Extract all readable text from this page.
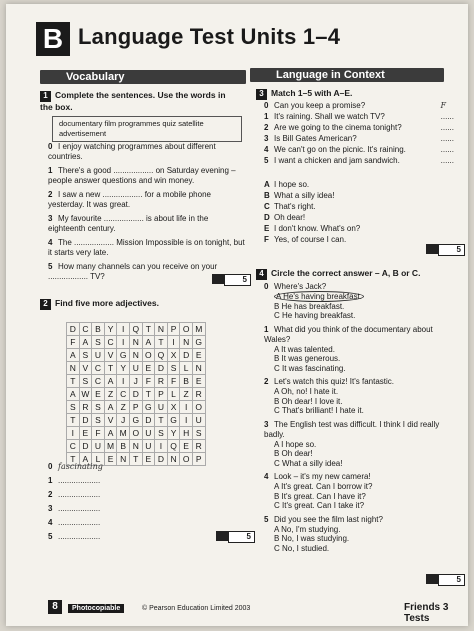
B Language Test Units 1–4
Vocabulary
1 Complete the sentences. Use the words in the box.
documentary film programmes quiz satellite advertisement
0 I enjoy watching programmes about different countries.
1 There's a good .................. on Saturday evening – people answer questions and win money.
2 I saw a new .................. for a mobile phone yesterday. It was great.
3 My favourite .................. is about life in the eighteenth century.
4 The .................. Mission Impossible is on tonight, but it starts very late.
5 How many channels can you receive on your .................. TV?	5
2 Find five more adjectives.
D	C	B	Y	I	Q	T	N	P	O	M
F	A	S	C	I	N	A	T	I	N	G
A	S	U	V	G	N	O	Q	X	D	E
N	V	C	T	Y	U	E	D	S	L	N
T	S	C	A	I	J	F	R	F	B	E
A	W	E	Z	C	D	T	P	L	Z	R
S	R	S	A	Z	P	G	U	X	I	O
T	D	S	V	J	G	D	T	G	I	U
I	E	F	A	M	O	U	S	Y	H	S
C	D	U	M	B	N	U	I	Q	E	R
T	A	L	E	N	T	E	D	N	O	P
0 fascinating
1 ...................
2 ...................
3 ...................
4 ...................
5 ...................	5
Language in Context
3 Match 1–5 with A–E.
0 Can you keep a promise?	F
1 It's raining. Shall we watch TV?	......
2 Are we going to the cinema tonight?	......
3 Is Bill Gates American?	......
4 We can't go on the picnic. It's raining.	......
5 I want a chicken and jam sandwich.	......
A I hope so.
B What a silly idea!
C That's right.
D Oh dear!
E I don't know. What's on?
F Yes, of course I can.
5
4 Circle the correct answer – A, B or C.
0 Where's Jack?
A He's having breakfast.
B He has breakfast.
C He having breakfast.
1 What did you think of the documentary about Wales?
A It was talented.
B It was generous.
C It was fascinating.
2 Let's watch this quiz! It's fantastic.
A Oh, no! I hate it.
B Oh dear! I love it.
C That's brilliant! I hate it.
3 The English test was difficult. I think I did really badly.
A I hope so.
B Oh dear!
C What a silly idea!
4 Look – it's my new camera!
A It's great. Can I borrow it?
B It's great. Can I have it?
C It's great. Can I take it?
5 Did you see the film last night?
A No, I'm studying.
B No, I was studying.
C No, I studied.
5
8	Photocopiable	© Pearson Education Limited 2003	Friends 3 Tests
